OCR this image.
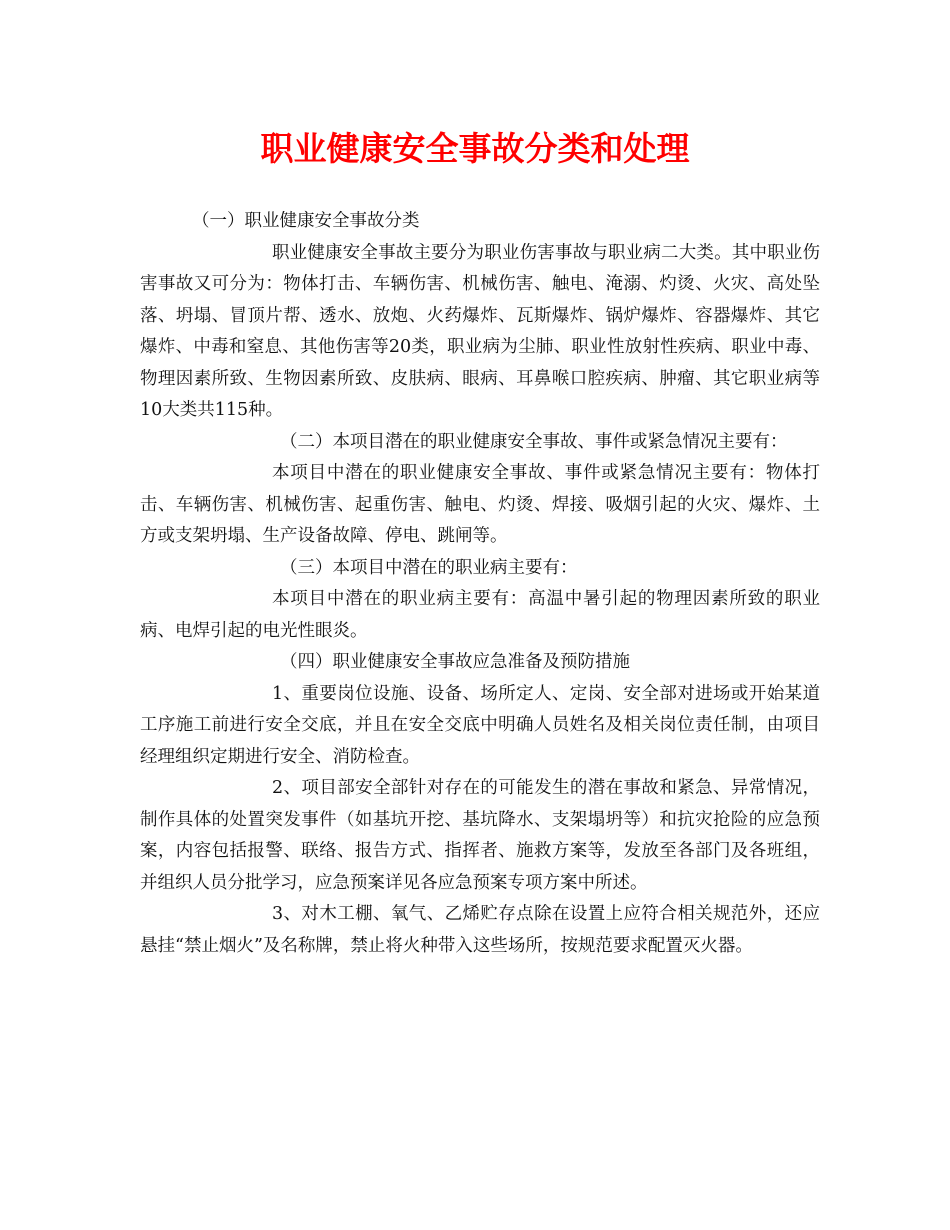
职业健康安全事故分类和处理

（一）职业健康安全事故分类

职业健康安全事故主要分为职业伤害事故与职业病二大类。其中职业伤害事故又可分为：物体打击、车辆伤害、机械伤害、触电、淹溺、灼烫、火灾、高处坠落、坍塌、冒顶片帮、透水、放炮、火药爆炸、瓦斯爆炸、锅炉爆炸、容器爆炸、其它爆炸、中毒和窒息、其他伤害等20类，职业病为尘肺、职业性放射性疾病、职业中毒、物理因素所致、生物因素所致、皮肤病、眼病、耳鼻喉口腔疾病、肿瘤、其它职业病等10大类共115种。

（二）本项目潜在的职业健康安全事故、事件或紧急情况主要有：

本项目中潜在的职业健康安全事故、事件或紧急情况主要有：物体打击、车辆伤害、机械伤害、起重伤害、触电、灼烫、焊接、吸烟引起的火灾、爆炸、土方或支架坍塌、生产设备故障、停电、跳闸等。

（三）本项目中潜在的职业病主要有：

本项目中潜在的职业病主要有：高温中暑引起的物理因素所致的职业病、电焊引起的电光性眼炎。

（四）职业健康安全事故应急准备及预防措施

1、重要岗位设施、设备、场所定人、定岗、安全部对进场或开始某道工序施工前进行安全交底，并且在安全交底中明确人员姓名及相关岗位责任制，由项目经理组织定期进行安全、消防检查。

2、项目部安全部针对存在的可能发生的潜在事故和紧急、异常情况，制作具体的处置突发事件（如基坑开挖、基坑降水、支架塌坍等）和抗灾抢险的应急预案，内容包括报警、联络、报告方式、指挥者、施救方案等，发放至各部门及各班组，并组织人员分批学习，应急预案详见各应急预案专项方案中所述。

3、对木工棚、氧气、乙烯贮存点除在设置上应符合相关规范外，还应悬挂“禁止烟火”及名称牌，禁止将火种带入这些场所，按规范要求配置灭火器。
